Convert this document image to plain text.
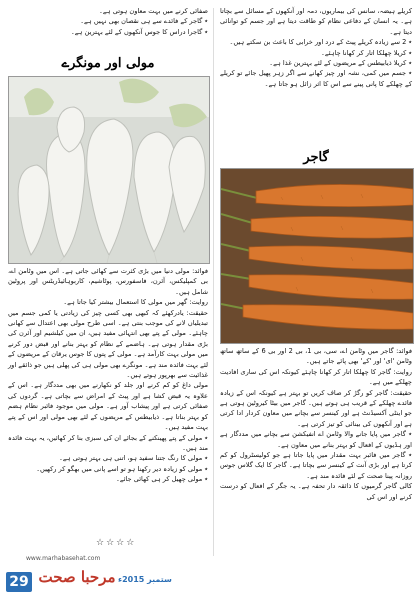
صفائی کرنے میں بہت معاون ہوتی ہے۔

٭ گاجر کے فائدے سے ہی نقصان بھی نہیں ہے۔

٭ گاجرا دراس کا جوس آنکھوں کے لئے بہترین ہے۔

مولی اور مونگرے

فوائد: مولی دنیا میں بڑی کثرت سے کھائی جاتی ہے۔ اس میں وٹامن اے، بی کمپلیکس، آئرن، فاسفورس، پوٹاشیم، کاربوہائیڈریٹس اور پروٹین شامل ہیں۔

روایت: گھر میں مولی کا استعمال بیشتر کیا جاتا ہے۔

حقیقت: یادرکھئے کہ کبھی بھی کسی چیز کی زیادتی یا کمی جسم میں تبدیلیاں لانے کی موجب بنتی ہے۔ اسی طرح مولی بھی اعتدال سے کھانی چاہئے۔ مولی کے پتے بھی انتہائی مفید ہیں، ان میں کیلشیم اور آئرن کی بڑی مقدار ہوتی ہے۔ ہاضمے کے نظام کو بہتر بنانے اور قبض دور کرنے میں مولی بہت کارآمد ہے۔ مولی کے پتوں کا جوس یرقان کے مریضوں کے لئے بہت فائدہ مند ہے۔ مونگرے بھی مولی ہی کی پھلی ہیں جو ذائقے اور غذائیت سے بھرپور ہوتے ہیں۔

مولی داغ کو کم کرنے اور جلد کو نکھارنے میں بھی مددگار ہے۔ اس کے علاوہ یہ قبض کشا ہے اور پیٹ کے امراض سے بچاتی ہے۔ گردوں کی صفائی کرتی ہے اور پیشاب آور ہے۔ مولی میں موجود فائبر نظام ہضم کو بہتر بناتا ہے۔ ذیابیطس کے مریضوں کے لئے بھی مولی اور اس کے پتے بہت مفید ہیں۔

٭ مولی کے پتے پھینکنے کے بجائے ان کی سبزی بنا کر کھائیں، یہ بہت فائدہ مند ہیں۔

٭ مولی کا رنگ جتنا سفید ہو، اتنی ہی بہتر ہوتی ہے۔

٭ مولی کو زیادہ دیر رکھنا ہو تو اسے پانی میں بھگو کر رکھیں۔

٭ مولی چھیل کر ہی کھائی جائے۔

☆☆☆☆

کریلے ہیضہ، سانس کی بیماریوں، دمہ اور آنکھوں کے مسائل سے بچاتا ہے۔ یہ انسان کے دفاعی نظام کو طاقت دیتا ہے اور جسم کو توانائی دیتا ہے۔

٭ 2 سے زیادہ کریلے پیٹ کے درد اور خرابی کا باعث بن سکتے ہیں۔

٭ کریلا چھلکا اتار کر کھانا چاہئے۔

٭ کریلا ذیابیطس کے مریضوں کے لئے بہترین غذا ہے۔

٭ جسم میں کمی، نشہ اور چیز کھانے سے اگر زہر پھیل جائے تو کریلے کے چھلکے کا پانی پینے سے اس کا اثر زائل ہو جاتا ہے۔

گاجر

فوائد: گاجر میں وٹامن اے، سی، بی 1، بی 2 اور بی 6 کے ساتھ ساتھ وٹامن 'ای' اور 'کے' بھی پائے جاتے ہیں۔

روایت: گاجر کا چھلکا اتار کر کھانا چاہئے کیونکہ اس کی ساری افادیت چھلکے میں ہے۔

حقیقت: گاجر کو رگڑ کر صاف کریں تو بہتر ہے کیونکہ اس کے زیادہ فائدے چھلکے کے قریب ہی ہوتے ہیں۔ گاجر میں بیٹا کیروٹین ہوتی ہے جو اینٹی آکسیڈنٹ ہے اور کینسر سے بچانے میں معاون کردار ادا کرتی ہے اور آنکھوں کی بینائی کو تیز کرتی ہے۔

٭ گاجر میں پایا جانے والا وٹامن اے انفیکشن سے بچانے میں مددگار ہے اور ہڈیوں کے افعال کو بہتر بنانے میں معاون ہے۔

٭ گاجر میں فائبر بہت مقدار میں پایا جاتا ہے جو کولیسٹرول کو کم کرتا ہے اور بڑی آنت کے کینسر سے بچاتا ہے۔ گاجر کا ایک گلاس جوس روزانہ پینا صحت کے لئے فائدہ مند ہے۔

کالی گاجر گرمیوں کا ذائقہ دار تحفہ ہے۔ یہ جگر کے افعال کو درست کرنے اور اس کی

www.marhabasehat.com
29 مرحبا صحت ستمبر 2015ء
